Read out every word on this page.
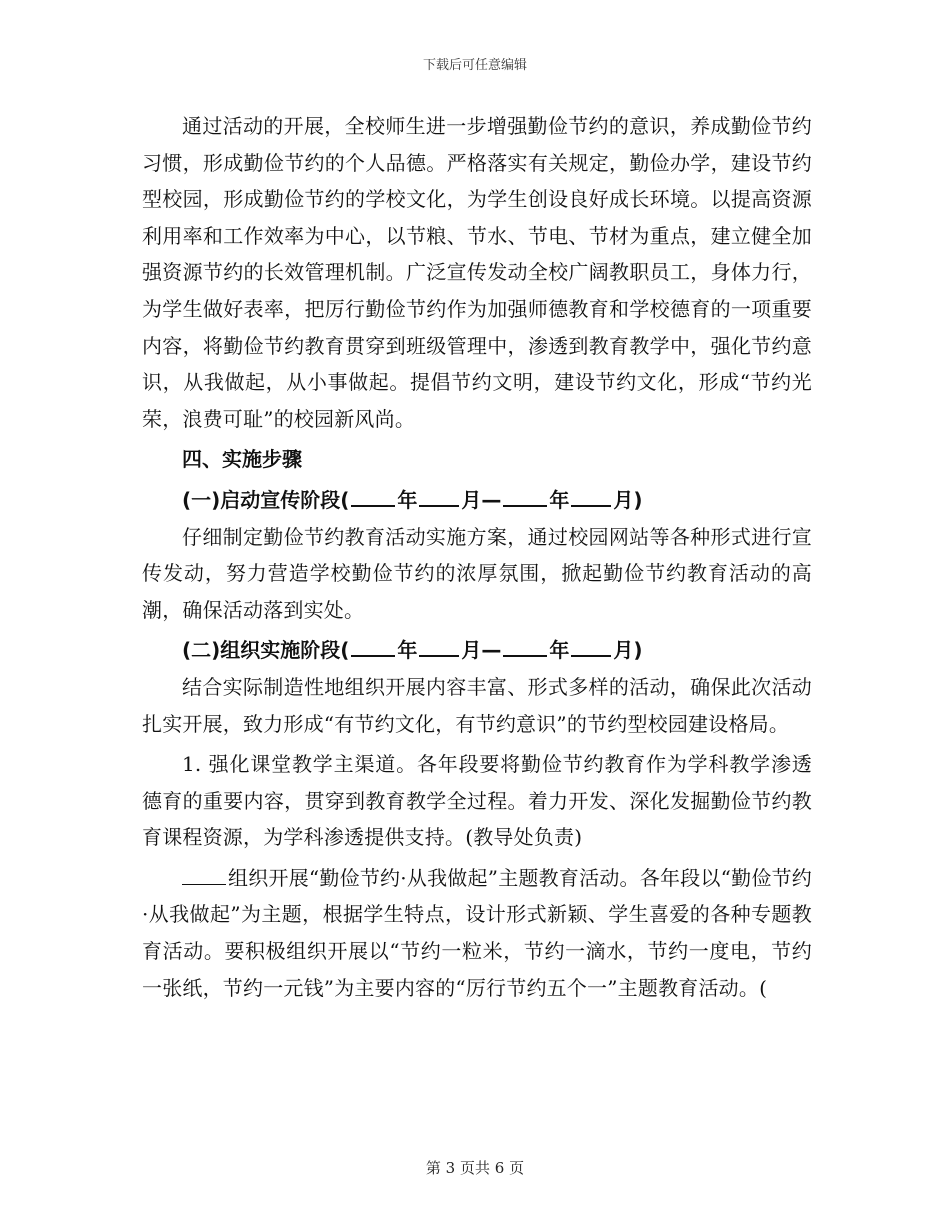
下载后可任意编辑

通过活动的开展，全校师生进一步增强勤俭节约的意识，养成勤俭节约习惯，形成勤俭节约的个人品德。严格落实有关规定，勤俭办学，建设节约型校园，形成勤俭节约的学校文化，为学生创设良好成长环境。以提高资源利用率和工作效率为中心，以节粮、节水、节电、节材为重点，建立健全加强资源节约的长效管理机制。广泛宣传发动全校广阔教职员工，身体力行，为学生做好表率，把厉行勤俭节约作为加强师德教育和学校德育的一项重要内容，将勤俭节约教育贯穿到班级管理中，渗透到教育教学中，强化节约意识，从我做起，从小事做起。提倡节约文明，建设节约文化，形成“节约光荣，浪费可耻”的校园新风尚。

四、实施步骤

(一)启动宣传阶段( 年 月— 年 月)

仔细制定勤俭节约教育活动实施方案，通过校园网站等各种形式进行宣传发动，努力营造学校勤俭节约的浓厚氛围，掀起勤俭节约教育活动的高潮，确保活动落到实处。

(二)组织实施阶段( 年 月— 年 月)

结合实际制造性地组织开展内容丰富、形式多样的活动，确保此次活动扎实开展，致力形成“有节约文化，有节约意识”的节约型校园建设格局。

1. 强化课堂教学主渠道。各年段要将勤俭节约教育作为学科教学渗透德育的重要内容，贯穿到教育教学全过程。着力开发、深化发掘勤俭节约教育课程资源，为学科渗透提供支持。(教导处负责)

组织开展“勤俭节约·从我做起”主题教育活动。各年段以“勤俭节约·从我做起”为主题，根据学生特点，设计形式新颖、学生喜爱的各种专题教育活动。要积极组织开展以“节约一粒米，节约一滴水，节约一度电，节约一张纸，节约一元钱”为主要内容的“厉行节约五个一”主题教育活动。(

第 3 页共 6 页
